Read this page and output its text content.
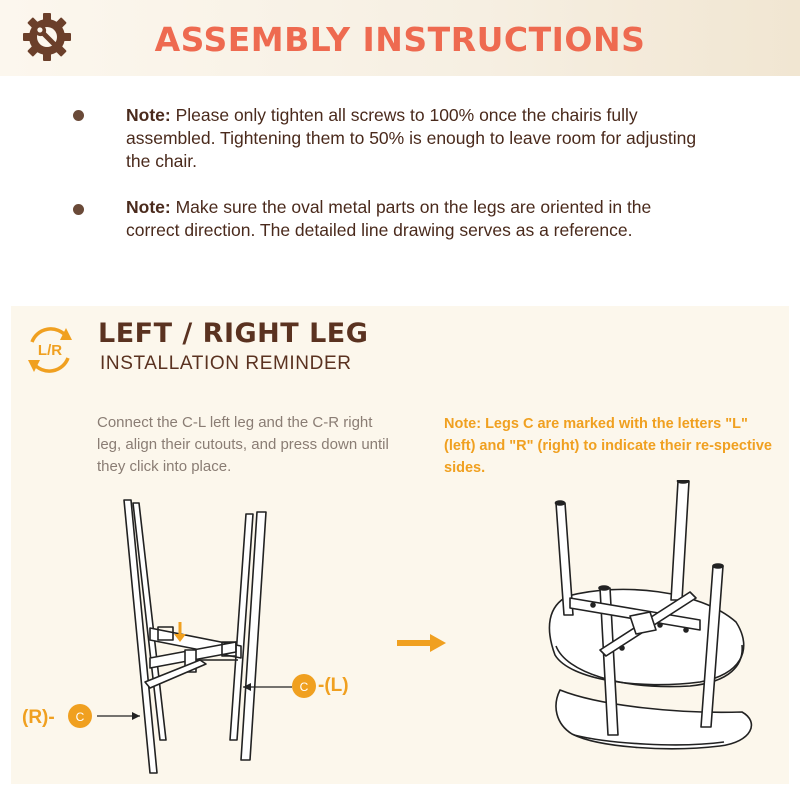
ASSEMBLY INSTRUCTIONS
Note: Please only tighten all screws to 100% once the chairis fully assembled. Tightening them to 50% is enough to leave room for adjusting the chair.
Note: Make sure the oval metal parts on the legs are oriented in the correct direction. The detailed line drawing serves as a reference.
L/R
LEFT / RIGHT LEG
INSTALLATION REMINDER
Connect the C-L left leg and the C-R right leg, align their cutouts, and press down until they click into place.
Note: Legs C are marked with the letters "L" (left) and "R" (right) to indicate their re-spective sides.
(R)- C
C -(L)
